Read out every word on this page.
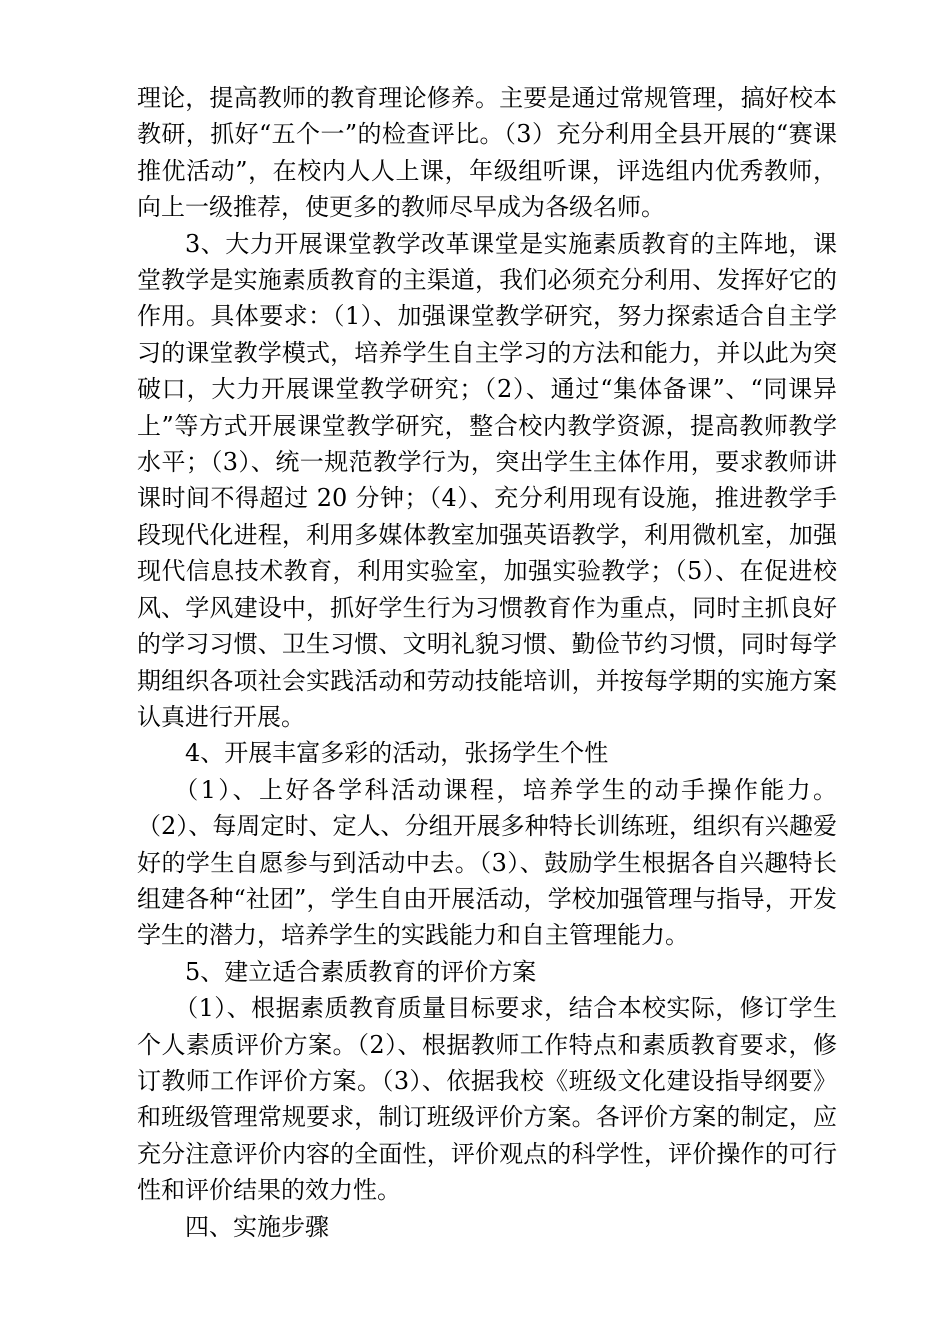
理论，提高教师的教育理论修养。主要是通过常规管理，搞好校本教研，抓好“五个一”的检查评比。（3）充分利用全县开展的“赛课推优活动”，在校内人人上课，年级组听课，评选组内优秀教师，向上一级推荐，使更多的教师尽早成为各级名师。

3、大力开展课堂教学改革课堂是实施素质教育的主阵地，课堂教学是实施素质教育的主渠道，我们必须充分利用、发挥好它的作用。具体要求：（1）、加强课堂教学研究，努力探索适合自主学习的课堂教学模式，培养学生自主学习的方法和能力，并以此为突破口，大力开展课堂教学研究；（2）、通过“集体备课”、“同课异上”等方式开展课堂教学研究，整合校内教学资源，提高教师教学水平；（3）、统一规范教学行为，突出学生主体作用，要求教师讲课时间不得超过 20 分钟；（4）、充分利用现有设施，推进教学手段现代化进程，利用多媒体教室加强英语教学，利用微机室，加强现代信息技术教育，利用实验室，加强实验教学；（5）、在促进校风、学风建设中，抓好学生行为习惯教育作为重点，同时主抓良好的学习习惯、卫生习惯、文明礼貌习惯、勤俭节约习惯，同时每学期组织各项社会实践活动和劳动技能培训，并按每学期的实施方案认真进行开展。

4、开展丰富多彩的活动，张扬学生个性

（1）、上好各学科活动课程，培养学生的动手操作能力。（2）、每周定时、定人、分组开展多种特长训练班，组织有兴趣爱好的学生自愿参与到活动中去。（3）、鼓励学生根据各自兴趣特长组建各种“社团”，学生自由开展活动，学校加强管理与指导，开发学生的潜力，培养学生的实践能力和自主管理能力。

5、建立适合素质教育的评价方案

（1）、根据素质教育质量目标要求，结合本校实际，修订学生个人素质评价方案。（2）、根据教师工作特点和素质教育要求，修订教师工作评价方案。（3）、依据我校《班级文化建设指导纲要》和班级管理常规要求，制订班级评价方案。各评价方案的制定，应充分注意评价内容的全面性，评价观点的科学性，评价操作的可行性和评价结果的效力性。

四、实施步骤
